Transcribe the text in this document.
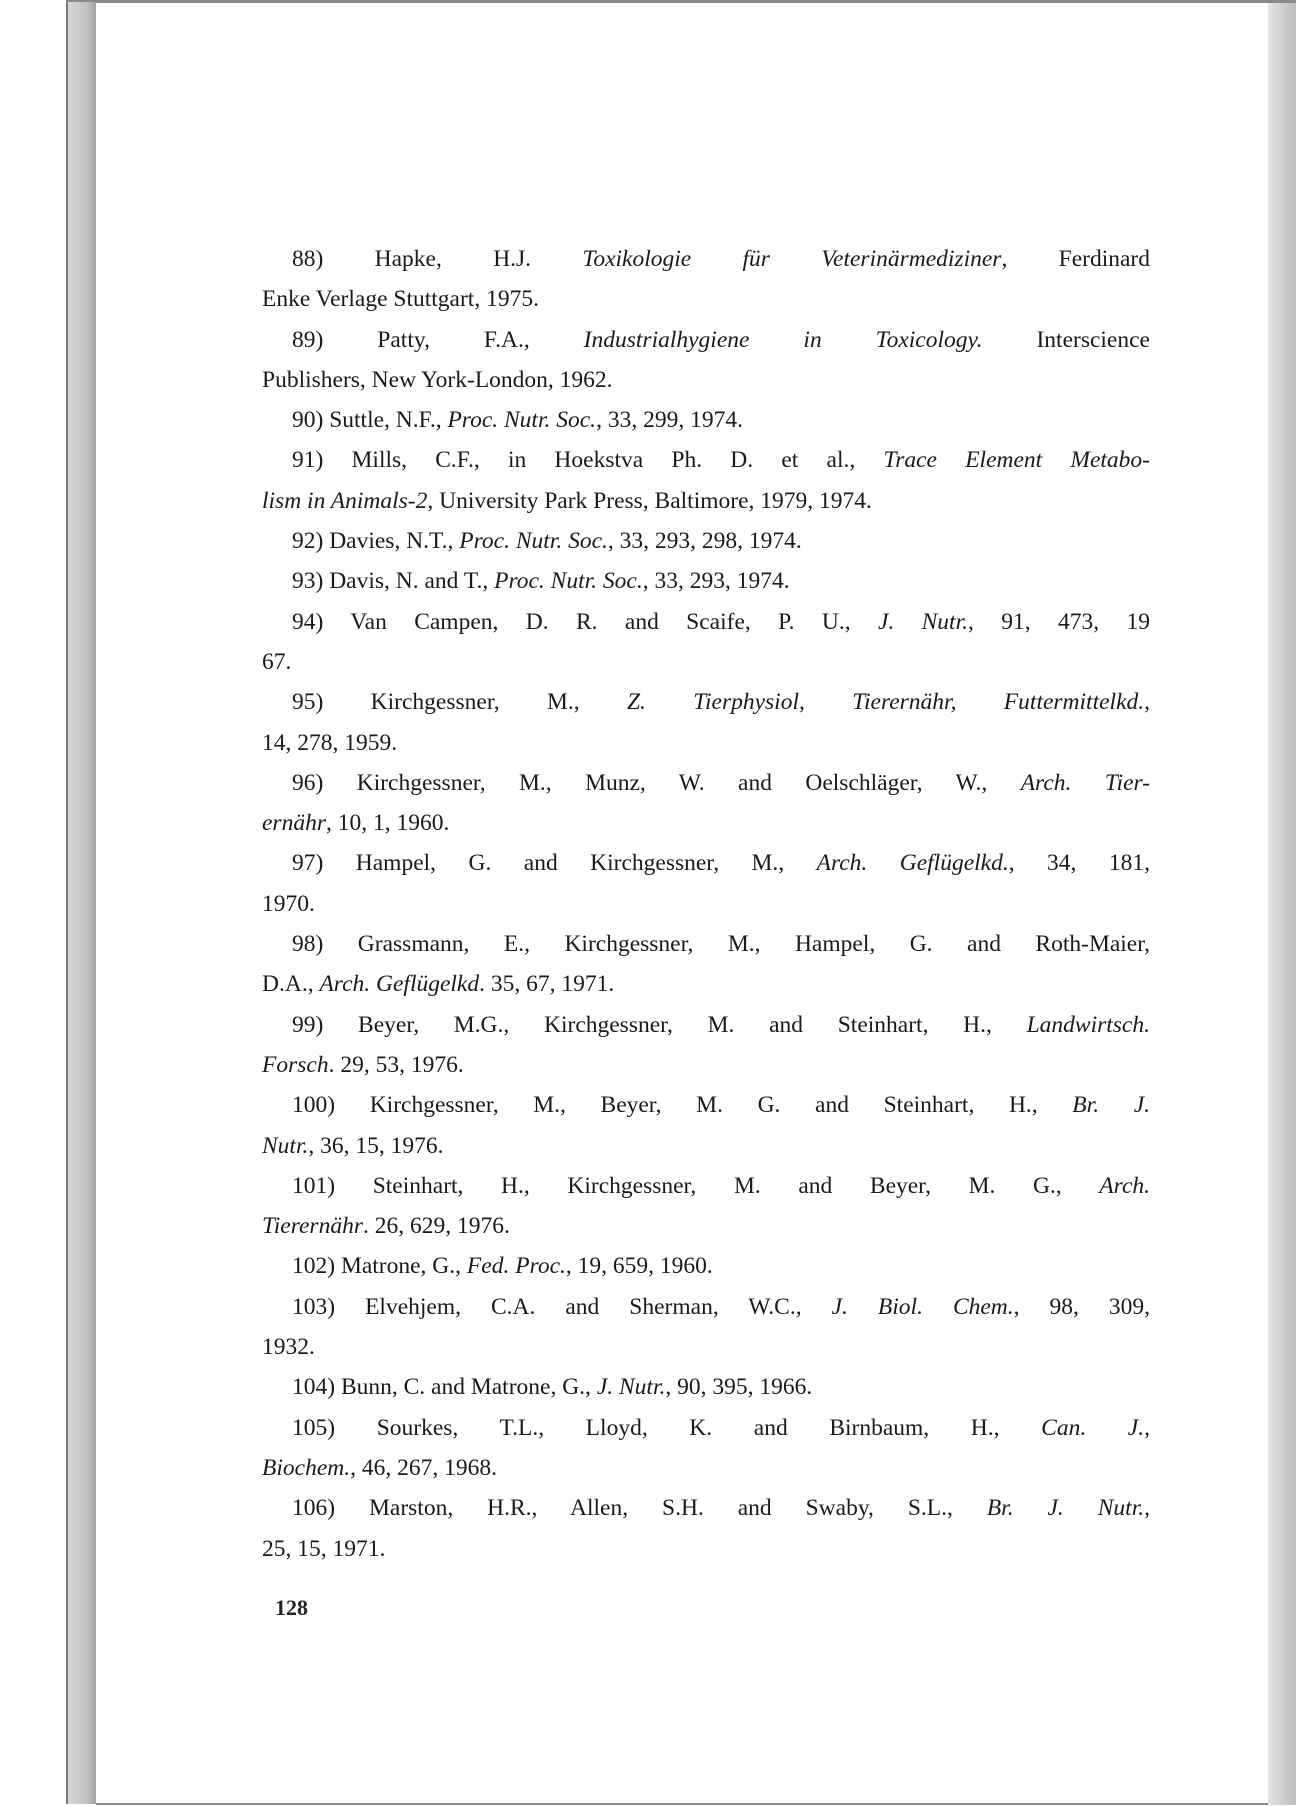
88) Hapke, H.J. Toxikologie für Veterinärmediziner, Ferdinard
Enke Verlage Stuttgart, 1975.
89) Patty, F.A., Industrialhygiene in Toxicology. Interscience
Publishers, New York-London, 1962.
90) Suttle, N.F., Proc. Nutr. Soc., 33, 299, 1974.
91) Mills, C.F., in Hoekstva Ph. D. et al., Trace Element Metabo-
lism in Animals-2, University Park Press, Baltimore, 1979, 1974.
92) Davies, N.T., Proc. Nutr. Soc., 33, 293, 298, 1974.
93) Davis, N. and T., Proc. Nutr. Soc., 33, 293, 1974.
94) Van Campen, D. R. and Scaife, P. U., J. Nutr., 91, 473, 19
67.
95) Kirchgessner, M., Z. Tierphysiol, Tierernähr, Futtermittelkd.,
14, 278, 1959.
96) Kirchgessner, M., Munz, W. and Oelschläger, W., Arch. Tier-
ernähr, 10, 1, 1960.
97) Hampel, G. and Kirchgessner, M., Arch. Geflügelkd., 34, 181,
1970.
98) Grassmann, E., Kirchgessner, M., Hampel, G. and Roth-Maier,
D.A., Arch. Geflügelkd. 35, 67, 1971.
99) Beyer, M.G., Kirchgessner, M. and Steinhart, H., Landwirtsch.
Forsch. 29, 53, 1976.
100) Kirchgessner, M., Beyer, M. G. and Steinhart, H., Br. J.
Nutr., 36, 15, 1976.
101) Steinhart, H., Kirchgessner, M. and Beyer, M. G., Arch.
Tierernähr. 26, 629, 1976.
102) Matrone, G., Fed. Proc., 19, 659, 1960.
103) Elvehjem, C.A. and Sherman, W.C., J. Biol. Chem., 98, 309,
1932.
104) Bunn, C. and Matrone, G., J. Nutr., 90, 395, 1966.
105) Sourkes, T.L., Lloyd, K. and Birnbaum, H., Can. J.,
Biochem., 46, 267, 1968.
106) Marston, H.R., Allen, S.H. and Swaby, S.L., Br. J. Nutr.,
25, 15, 1971.
128
